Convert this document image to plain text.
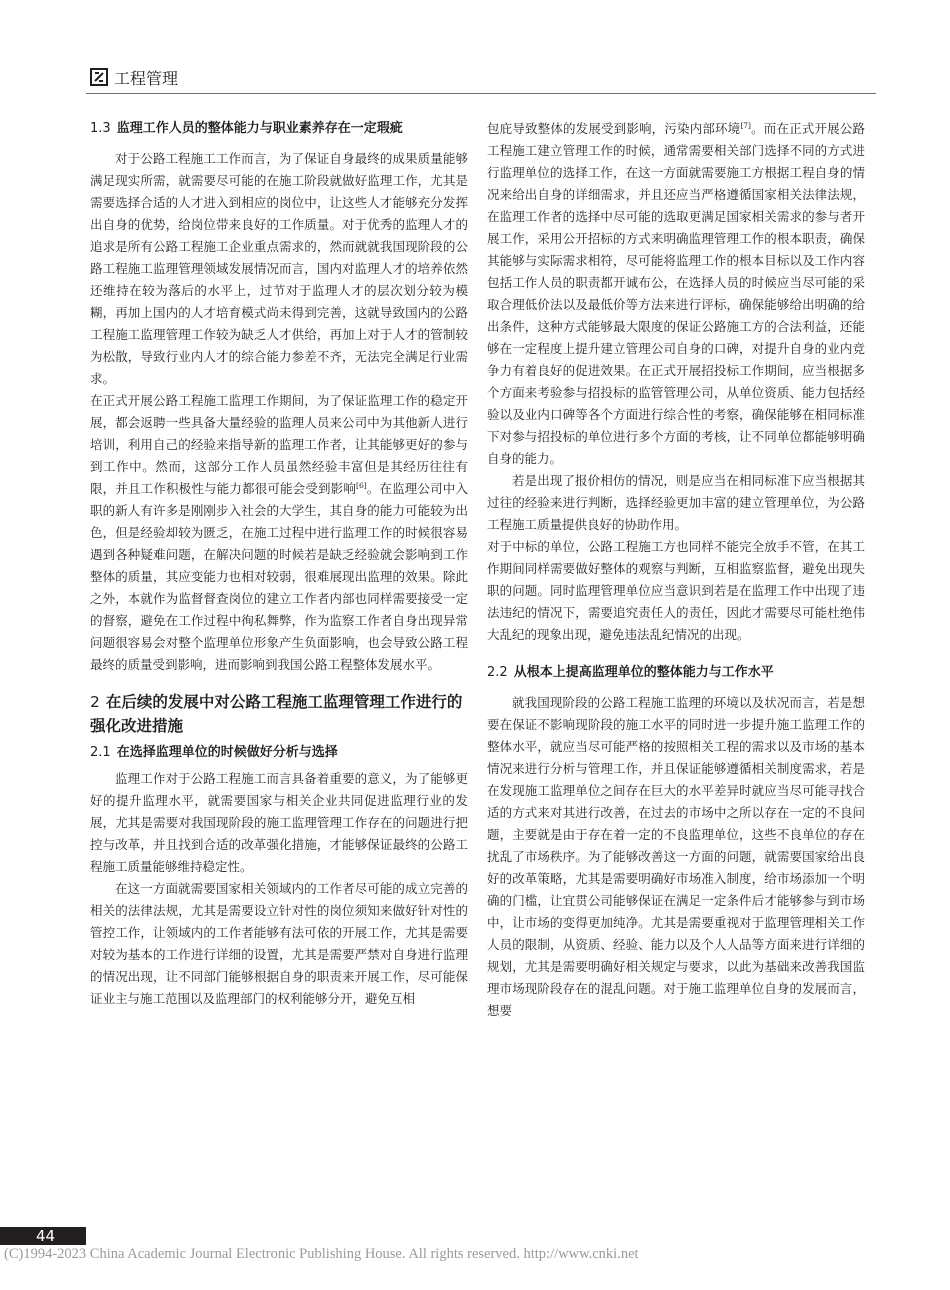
工程管理
1.3 监理工作人员的整体能力与职业素养存在一定瑕疵

对于公路工程施工工作而言，为了保证自身最终的成果质量能够满足现实所需，就需要尽可能的在施工阶段就做好监理工作，尤其是需要选择合适的人才进入到相应的岗位中，让这些人才能够充分发挥出自身的优势，给岗位带来良好的工作质量。对于优秀的监理人才的追求是所有公路工程施工企业重点需求的，然而就就我国现阶段的公路工程施工监理管理领域发展情况而言，国内对监理人才的培养依然还维持在较为落后的水平上，过节对于监理人才的层次划分较为模糊，再加上国内的人才培育模式尚未得到完善，这就导致国内的公路工程施工监理管理工作较为缺乏人才供给，再加上对于人才的管制较为松散，导致行业内人才的综合能力参差不齐，无法完全满足行业需求。

在正式开展公路工程施工监理工作期间，为了保证监理工作的稳定开展，都会返聘一些具备大量经验的监理人员来公司中为其他新人进行培训，利用自己的经验来指导新的监理工作者，让其能够更好的参与到工作中。然而，这部分工作人员虽然经验丰富但是其经历往往有限，并且工作积极性与能力都很可能会受到影响[6]。在监理公司中入职的新人有许多是刚刚步入社会的大学生，其自身的能力可能较为出色，但是经验却较为匮乏，在施工过程中进行监理工作的时候很容易遇到各种疑难问题，在解决问题的时候若是缺乏经验就会影响到工作整体的质量，其应变能力也相对较弱，很难展现出监理的效果。除此之外，本就作为监督督查岗位的建立工作者内部也同样需要接受一定的督察，避免在工作过程中徇私舞弊，作为监察工作者自身出现异常问题很容易会对整个监理单位形象产生负面影响，也会导致公路工程最终的质量受到影响，进而影响到我国公路工程整体发展水平。

2 在后续的发展中对公路工程施工监理管理工作进行的强化改进措施
2.1 在选择监理单位的时候做好分析与选择

监理工作对于公路工程施工而言具备着重要的意义，为了能够更好的提升监理水平，就需要国家与相关企业共同促进监理行业的发展，尤其是需要对我国现阶段的施工监理管理工作存在的问题进行把控与改革，并且找到合适的改革强化措施，才能够保证最终的公路工程施工质量能够维持稳定性。

在这一方面就需要国家相关领域内的工作者尽可能的成立完善的相关的法律法规，尤其是需要设立针对性的岗位须知来做好针对性的管控工作，让领域内的工作者能够有法可依的开展工作，尤其是需要对较为基本的工作进行详细的设置，尤其是需要严禁对自身进行监理的情况出现，让不同部门能够根据自身的职责来开展工作，尽可能保证业主与施工范围以及监理部门的权利能够分开，避免互相

包庇导致整体的发展受到影响，污染内部环境[7]。而在正式开展公路工程施工建立管理工作的时候，通常需要相关部门选择不同的方式进行监理单位的选择工作，在这一方面就需要施工方根据工程自身的情况来给出自身的详细需求，并且还应当严格遵循国家相关法律法规，在监理工作者的选择中尽可能的选取更满足国家相关需求的参与者开展工作，采用公开招标的方式来明确监理管理工作的根本职责，确保其能够与实际需求相符，尽可能将监理工作的根本目标以及工作内容包括工作人员的职责都开诚布公，在选择人员的时候应当尽可能的采取合理低价法以及最低价等方法来进行评标，确保能够给出明确的给出条件，这种方式能够最大限度的保证公路施工方的合法利益，还能够在一定程度上提升建立管理公司自身的口碑，对提升自身的业内竞争力有着良好的促进效果。在正式开展招投标工作期间，应当根据多个方面来考验参与招投标的监管管理公司，从单位资质、能力包括经验以及业内口碑等各个方面进行综合性的考察，确保能够在相同标准下对参与招投标的单位进行多个方面的考核，让不同单位都能够明确自身的能力。

若是出现了报价相仿的情况，则是应当在相同标准下应当根据其过往的经验来进行判断，选择经验更加丰富的建立管理单位，为公路工程施工质量提供良好的协助作用。

对于中标的单位，公路工程施工方也同样不能完全放手不管，在其工作期间同样需要做好整体的观察与判断，互相监察监督，避免出现失职的问题。同时监理管理单位应当意识到若是在监理工作中出现了违法违纪的情况下，需要追究责任人的责任，因此才需要尽可能杜绝伟大乱纪的现象出现，避免违法乱纪情况的出现。

2.2 从根本上提高监理单位的整体能力与工作水平

就我国现阶段的公路工程施工监理的环境以及状况而言，若是想要在保证不影响现阶段的施工水平的同时进一步提升施工监理工作的整体水平，就应当尽可能严格的按照相关工程的需求以及市场的基本情况来进行分析与管理工作，并且保证能够遵循相关制度需求，若是在发现施工监理单位之间存在巨大的水平差异时就应当尽可能寻找合适的方式来对其进行改善，在过去的市场中之所以存在一定的不良问题，主要就是由于存在着一定的不良监理单位，这些不良单位的存在扰乱了市场秩序。为了能够改善这一方面的问题，就需要国家给出良好的改革策略，尤其是需要明确好市场准入制度，给市场添加一个明确的门槛，让宜贯公司能够保证在满足一定条件后才能够参与到市场中，让市场的变得更加纯净。尤其是需要重视对于监理管理相关工作人员的限制，从资质、经验、能力以及个人人品等方面来进行详细的规划，尤其是需要明确好相关规定与要求，以此为基础来改善我国监理市场现阶段存在的混乱问题。对于施工监理单位自身的发展而言，想要

44
(C)1994-2023 China Academic Journal Electronic Publishing House. All rights reserved. http://www.cnki.net
